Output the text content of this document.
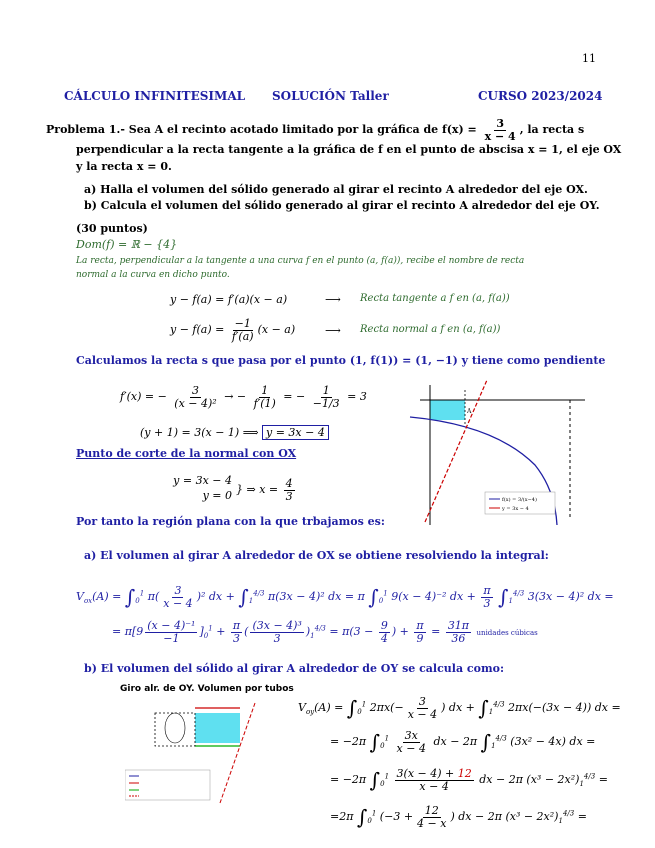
11
CÁLCULO INFINITESIMAL SOLUCIÓN Taller	CURSO 2023/2024
Problema 1.- Sea A el recinto acotado limitado por la gráfica de $f(x) = \frac{3}{x - 4}$ , la recta s
perpendicular a la recta tangente a la gráfica de f en el punto de abscisa x = 1, el eje OX
y la recta x = 0.
a) Halla el volumen del sólido generado al girar el recinto A alrededor del eje OX.
b) Calcula el volumen del sólido generado al girar el recinto A alrededor del eje OY.
(30 puntos)
Dom(f) = ℝ − {4}
La recta, perpendicular a la tangente a una curva f en el punto (a, f(a)), recibe el nombre de recta
normal a la curva en dicho punto.
y − f(a) = f′(a)(x − a)	⟶ Recta tangente a f en (a, f(a))
$y - f(a) = \frac{-1}{f'(a)} (x - a)$	⟶ Recta normal a f en (a, f(a))
Calculamos la recta s que pasa por el punto (1, f(1)) = (1, −1) y tiene como pendiente
f′(x) = − $\frac{3}{\text{(x − 4)²}}$ → − $\frac{1}{f'(1)}$ = − $\frac{1}{-1/3} = 3$
(y + 1) = 3(x − 1) ⟹ y = 3x − 4
Punto de corte de la normal con OX
y = 3x − 4
y = 0 } ⇒ $x = \frac{4}{3}$
Por tanto la región plana con la que trbajamos es:
A
f(x) = 3/(x−4)
y = 3x − 4
a) El volumen al girar A alrededor de OX se obtiene resolviendo la integral:
$V_{ox}(A) = \int_0^1$ $\pi( \frac{3}{x - 4} )^2$ dx + $\int_1^{4/3}$ π(3x − 4)² dx = π $\int_0^1$ 9(x − 4)⁻² dx + $\frac{\pi}{3} \int_1^{4/3}$ 3(3x − 4)² dx =
= $\pi[9 \frac{\text{(x − 4)⁻¹}}{-1} ]_0^1 + \frac{\pi}{3}$ ( $\frac{\text{(3x − 4)³}}{3} )_1^{4/3} = \pi(3 - \frac{9}{4}$ ) + $\frac{\pi}{9} = \frac{31\pi}{36}$ unidades cúbicas
b) El volumen del sólido al girar A alrededor de OY se calcula como:
Giro alr. de OY. Volumen por tubos
$V_{oy}(A) = \int_0^1$ $2\pi x(- \frac{3}{x - 4}$ ) dx + $\int_1^{4/3}$ 2πx(−(3x − 4)) dx =
= −2π $\int_0^1 \frac{3x}{x - 4}$ dx − 2π $\int_1^{4/3}$ (3x² − 4x) dx =
= −2π $\int_0^1 \frac{3(x - 4) + 12}{x - 4}$ dx − 2π $(x^3 - 2x^2)_1^{4/3}$ =
=2π $\int_0^1$ ($-3 + \frac{12}{4 - x}$ ) dx − 2π $(x^3 - 2x^2)_1^{4/3}$ =
